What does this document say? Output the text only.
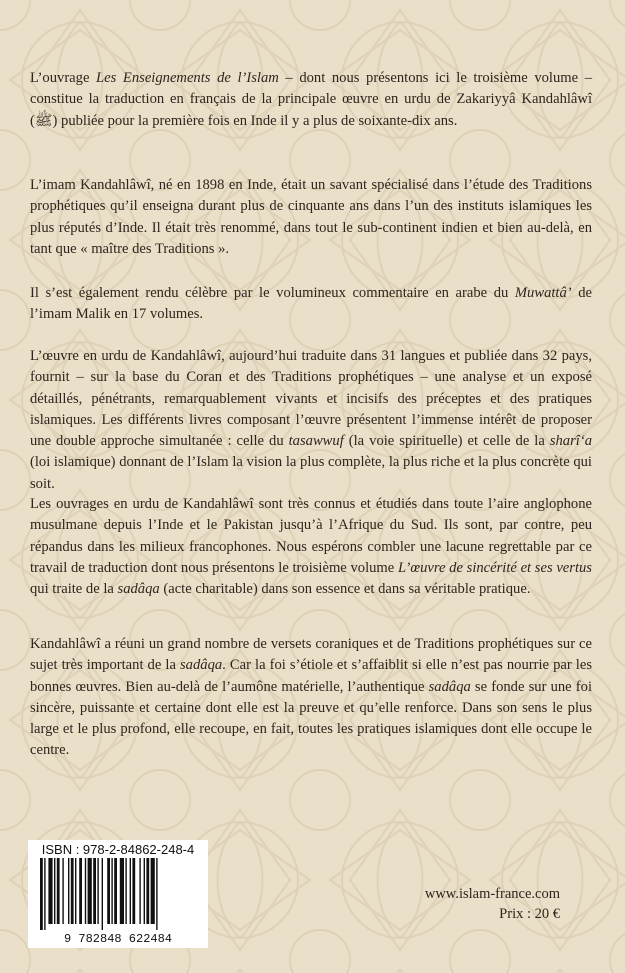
L’ouvrage Les Enseignements de l’Islam – dont nous présentons ici le troisième volume – constitue la traduction en français de la principale œuvre en urdu de Zakariyyâ Kandahlâwî (ﷺ) publiée pour la première fois en Inde il y a plus de soixante-dix ans.

L’imam Kandahlâwî, né en 1898 en Inde, était un savant spécialisé dans l’étude des Traditions prophétiques qu’il enseigna durant plus de cinquante ans dans l’un des instituts islamiques les plus réputés d’Inde. Il était très renommé, dans tout le sub-continent indien et bien au-delà, en tant que « maître des Traditions ».

Il s’est également rendu célèbre par le volumineux commentaire en arabe du Muwattâ’ de l’imam Malik en 17 volumes.

L’œuvre en urdu de Kandahlâwî, aujourd’hui traduite dans 31 langues et publiée dans 32 pays, fournit – sur la base du Coran et des Traditions prophétiques – une analyse et un exposé détaillés, pénétrants, remarquablement vivants et incisifs des préceptes et des pratiques islamiques. Les différents livres composant l’œuvre présentent l’immense intérêt de proposer une double approche simultanée : celle du tasawwuf (la voie spirituelle) et celle de la sharî‘a (loi islamique) donnant de l’Islam la vision la plus complète, la plus riche et la plus concrète qui soit.

Les ouvrages en urdu de Kandahlâwî sont très connus et étudiés dans toute l’aire anglophone musulmane depuis l’Inde et le Pakistan jusqu’à l’Afrique du Sud. Ils sont, par contre, peu répandus dans les milieux francophones. Nous espérons combler une lacune regrettable par ce travail de traduction dont nous présentons le troisième volume L’œuvre de sincérité et ses vertus qui traite de la sadâqa (acte charitable) dans son essence et dans sa véritable pratique.

Kandahlâwî a réuni un grand nombre de versets coraniques et de Traditions prophétiques sur ce sujet très important de la sadâqa. Car la foi s’étiole et s’affaiblit si elle n’est pas nourrie par les bonnes œuvres. Bien au-delà de l’aumône matérielle, l’authentique sadâqa se fonde sur une foi sincère, puissante et certaine dont elle est la preuve et qu’elle renforce. Dans son sens le plus large et le plus profond, elle recoupe, en fait, toutes les pratiques islamiques dont elle occupe le centre.

ISBN : 978-2-84862-248-4
9 782848 622484
www.islam-france.com
Prix : 20 €
